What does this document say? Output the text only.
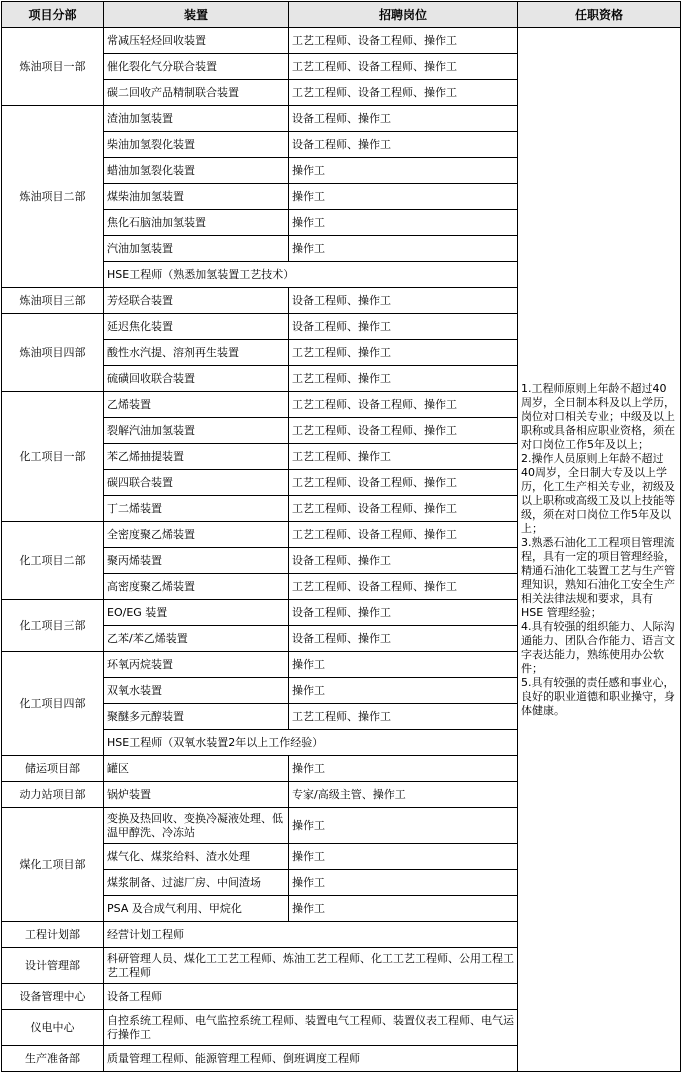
项目分部	装置	招聘岗位	任职资格
炼油项目一部	常减压轻烃回收装置	工艺工程师、设备工程师、操作工	1.工程师原则上年龄不超过40 周岁，全日制本科及以上学历，岗位对口相关专业；中级及以上职称或具备相应职业资格，须在对口岗位工作5年及以上；
2.操作人员原则上年龄不超过40周岁，全日制大专及以上学历，化工生产相关专业，初级及以上职称或高级工及以上技能等级，须在对口岗位工作5年及以上；
3.熟悉石油化工工程项目管理流程，具有一定的项目管理经验，精通石油化工装置工艺与生产管理知识，熟知石油化工安全生产相关法律法规和要求，具有 HSE 管理经验；
4.具有较强的组织能力、人际沟通能力、团队合作能力、语言文字表达能力，熟练使用办公软件；
5.具有较强的责任感和事业心，良好的职业道德和职业操守，身体健康。

	催化裂化气分联合装置	工艺工程师、设备工程师、操作工	
	碳二回收产品精制联合装置	工艺工程师、设备工程师、操作工	
炼油项目二部	渣油加氢装置	设备工程师、操作工	
	柴油加氢裂化装置	设备工程师、操作工	
	蜡油加氢裂化装置	操作工	
	煤柴油加氢装置	操作工	
	焦化石脑油加氢装置	操作工	
	汽油加氢装置	操作工	
	HSE工程师（熟悉加氢装置工艺技术）		
炼油项目三部	芳烃联合装置	设备工程师、操作工	
炼油项目四部	延迟焦化装置	设备工程师、操作工	
	酸性水汽提、溶剂再生装置	工艺工程师、操作工	
	硫磺回收联合装置	工艺工程师、操作工	
化工项目一部	乙烯装置	工艺工程师、设备工程师、操作工	
	裂解汽油加氢装置	工艺工程师、设备工程师、操作工	
	苯乙烯抽提装置	工艺工程师、操作工	
	碳四联合装置	工艺工程师、设备工程师、操作工	
	丁二烯装置	工艺工程师、设备工程师、操作工	
化工项目二部	全密度聚乙烯装置	工艺工程师、设备工程师、操作工	
	聚丙烯装置	设备工程师、操作工	
	高密度聚乙烯装置	工艺工程师、设备工程师、操作工	
化工项目三部	EO/EG 装置	设备工程师、操作工	
	乙苯/苯乙烯装置	设备工程师、操作工	
化工项目四部	环氧丙烷装置	操作工	
	双氧水装置	操作工	
	聚醚多元醇装置	工艺工程师、操作工	
	HSE工程师（双氧水装置2年以上工作经验）		
储运项目部	罐区	操作工	
动力站项目部	锅炉装置	专家/高级主管、操作工	
煤化工项目部	变换及热回收、变换冷凝液处理、低温甲醇洗、冷冻站	操作工	
	煤气化、煤浆给料、渣水处理	操作工	
	煤浆制备、过滤厂房、中间渣场	操作工	
	PSA 及合成气利用、甲烷化	操作工	
工程计划部	经营计划工程师		
设计管理部	科研管理人员、煤化工工艺工程师、炼油工艺工程师、化工工艺工程师、公用工程工艺工程师		
设备管理中心	设备工程师		
仪电中心	自控系统工程师、电气监控系统工程师、装置电气工程师、装置仪表工程师、电气运行操作工		
生产准备部	质量管理工程师、能源管理工程师、倒班调度工程师		
